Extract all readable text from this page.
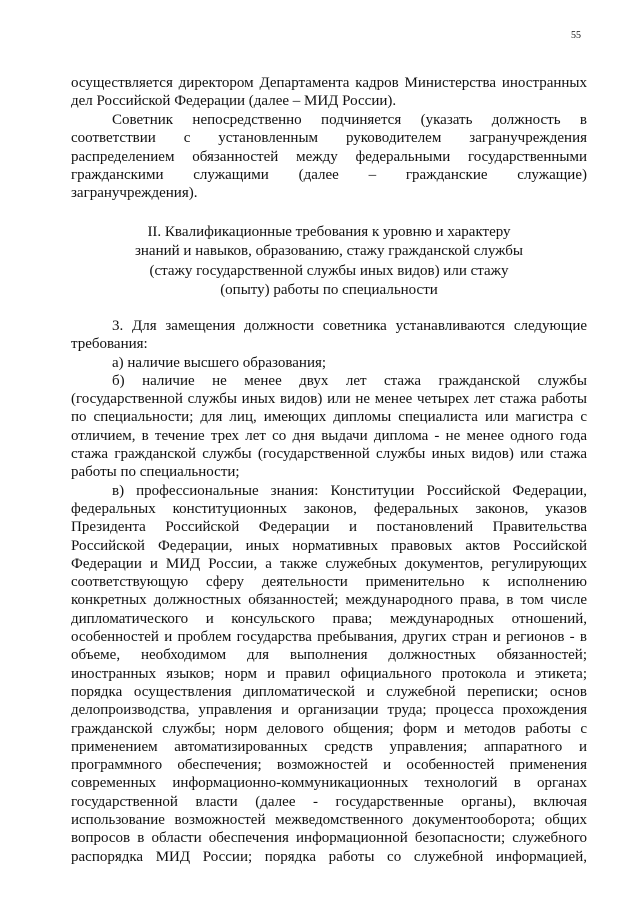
55
осуществляется директором Департамента кадров Министерства иностранных
дел Российской Федерации (далее – МИД России).
Советник непосредственно подчиняется (указать должность в
соответствии с установленным руководителем загранучреждения
распределением обязанностей между федеральными государственными
гражданскими служащими (далее – гражданские служащие)
загранучреждения).
II. Квалификационные требования к уровню и характеру
знаний и навыков, образованию, стажу гражданской службы
(стажу государственной службы иных видов) или стажу
(опыту) работы по специальности
3. Для замещения должности советника устанавливаются следующие
требования:
а) наличие высшего образования;
б) наличие не менее двух лет стажа гражданской службы
(государственной службы иных видов) или не менее четырех лет стажа работы
по специальности; для лиц, имеющих дипломы специалиста или магистра с
отличием, в течение трех лет со дня выдачи диплома - не менее одного года
стажа гражданской службы (государственной службы иных видов) или стажа
работы по специальности;
в) профессиональные знания: Конституции Российской Федерации,
федеральных конституционных законов, федеральных законов, указов
Президента Российской Федерации и постановлений Правительства
Российской Федерации, иных нормативных правовых актов Российской
Федерации и МИД России, а также служебных документов, регулирующих
соответствующую сферу деятельности применительно к исполнению
конкретных должностных обязанностей; международного права, в том числе
дипломатического и консульского права; международных отношений,
особенностей и проблем государства пребывания, других стран и регионов - в
объеме, необходимом для выполнения должностных обязанностей;
иностранных языков; норм и правил официального протокола и этикета;
порядка осуществления дипломатической и служебной переписки; основ
делопроизводства, управления и организации труда; процесса прохождения
гражданской службы; норм делового общения; форм и методов работы с
применением автоматизированных средств управления; аппаратного и
программного обеспечения; возможностей и особенностей применения
современных информационно-коммуникационных технологий в органах
государственной власти (далее - государственные органы), включая
использование возможностей межведомственного документооборота; общих
вопросов в области обеспечения информационной безопасности; служебного
распорядка МИД России; порядка работы со служебной информацией,
